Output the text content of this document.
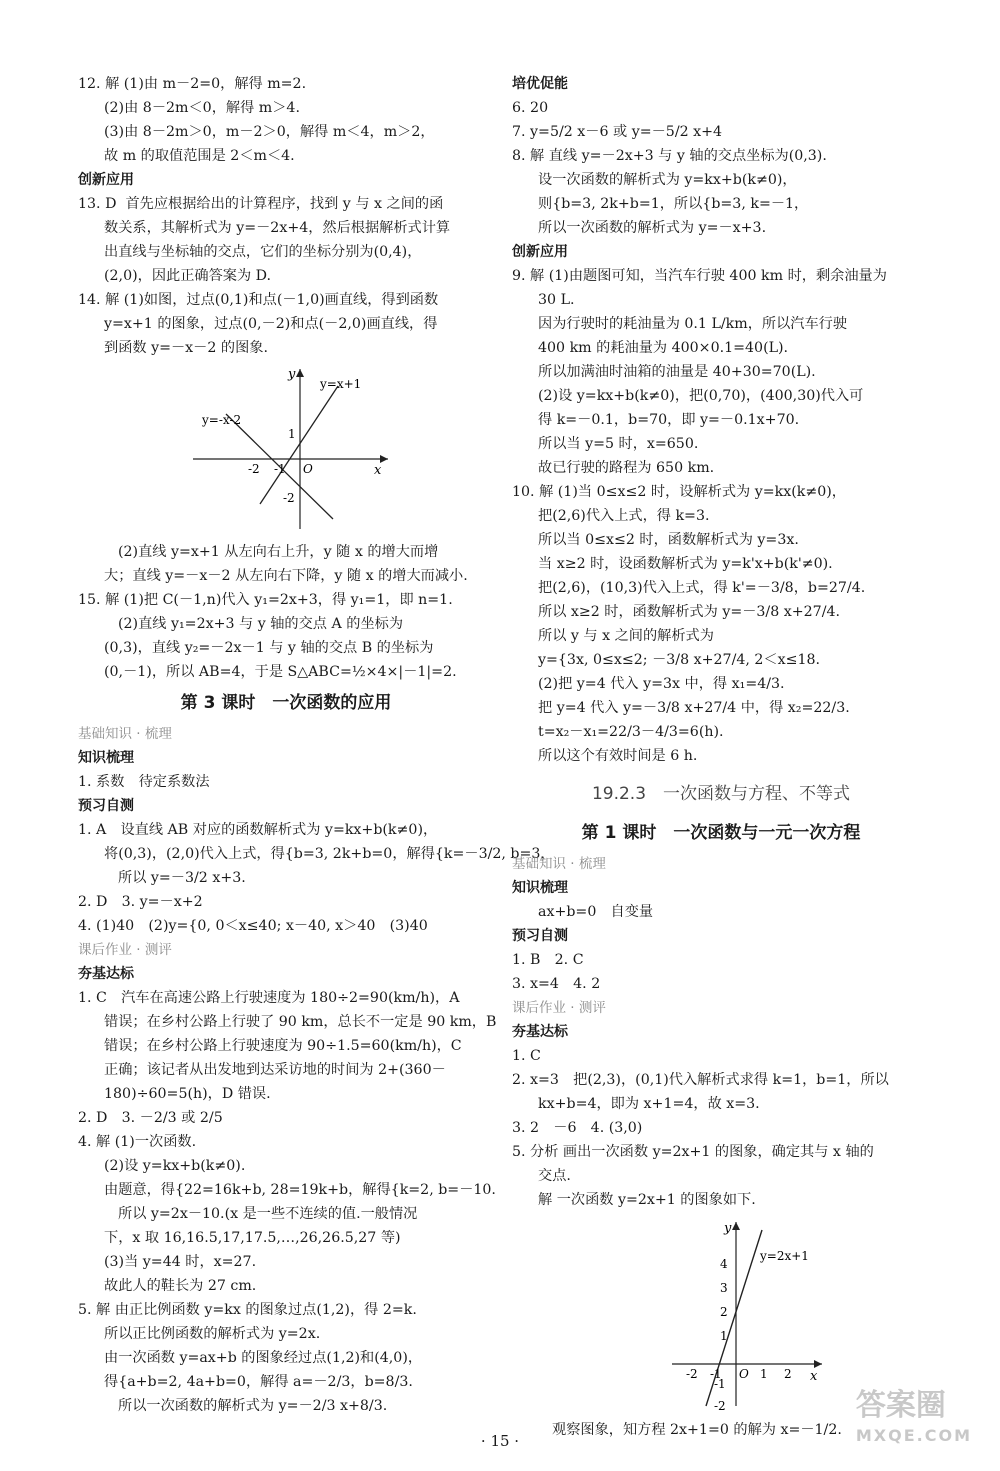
12. 解 (1)由 m－2=0，解得 m=2.
(2)由 8－2m＜0，解得 m＞4.
(3)由 8－2m＞0，m－2＞0，解得 m＜4，m＞2，
故 m 的取值范围是 2＜m＜4.
创新应用
13. D  首先应根据给出的计算程序，找到 y 与 x 之间的函
数关系，其解析式为 y=－2x+4，然后根据解析式计算
出直线与坐标轴的交点，它们的坐标分别为(0,4)，
(2,0)，因此正确答案为 D.
14. 解 (1)如图，过点(0,1)和点(－1,0)画直线，得到函数
y=x+1 的图象，过点(0,－2)和点(－2,0)画直线，得
到函数 y=－x－2 的图象.
y
x
y=x+1
y=-x-2
O
1
-2 -1
-2
(2)直线 y=x+1 从左向右上升，y 随 x 的增大而增
大；直线 y=－x－2 从左向右下降，y 随 x 的增大而减小.
15. 解 (1)把 C(－1,n)代入 y₁=2x+3，得 y₁=1，即 n=1.
(2)直线 y₁=2x+3 与 y 轴的交点 A 的坐标为
(0,3)，直线 y₂=－2x－1 与 y 轴的交点 B 的坐标为
(0,－1)，所以 AB=4，于是 S△ABC=½×4×|－1|=2.
第 3 课时　一次函数的应用
基础知识 · 梳理
知识梳理
1. 系数　待定系数法
预习自测
1. A　设直线 AB 对应的函数解析式为 y=kx+b(k≠0)，
将(0,3)，(2,0)代入上式，得{b=3, 2k+b=0，解得{k=－3/2, b=3，
所以 y=－3/2 x+3.
2. D　3. y=－x+2
4. (1)40　(2)y={0, 0＜x≤40; x－40, x＞40　(3)40
课后作业 · 测评
夯基达标
1. C　汽车在高速公路上行驶速度为 180÷2=90(km/h)，A
错误；在乡村公路上行驶了 90 km，总长不一定是 90 km，B
错误；在乡村公路上行驶速度为 90÷1.5=60(km/h)，C
正确；该记者从出发地到达采访地的时间为 2+(360－
180)÷60=5(h)，D 错误.
2. D　3. －2/3 或 2/5
4. 解 (1)一次函数.
(2)设 y=kx+b(k≠0).
由题意，得{22=16k+b, 28=19k+b，解得{k=2, b=－10.
所以 y=2x－10.(x 是一些不连续的值.一般情况
下，x 取 16,16.5,17,17.5,…,26,26.5,27 等)
(3)当 y=44 时，x=27.
故此人的鞋长为 27 cm.
5. 解 由正比例函数 y=kx 的图象过点(1,2)，得 2=k.
所以正比例函数的解析式为 y=2x.
由一次函数 y=ax+b 的图象经过点(1,2)和(4,0)，
得{a+b=2, 4a+b=0，解得 a=－2/3，b=8/3.
所以一次函数的解析式为 y=－2/3 x+8/3.
培优促能
6. 20
7. y=5/2 x－6 或 y=－5/2 x+4
8. 解 直线 y=－2x+3 与 y 轴的交点坐标为(0,3).
设一次函数的解析式为 y=kx+b(k≠0)，
则{b=3, 2k+b=1，所以{b=3, k=－1，
所以一次函数的解析式为 y=－x+3.
创新应用
9. 解 (1)由题图可知，当汽车行驶 400 km 时，剩余油量为
30 L.
因为行驶时的耗油量为 0.1 L/km，所以汽车行驶
400 km 的耗油量为 400×0.1=40(L).
所以加满油时油箱的油量是 40+30=70(L).
(2)设 y=kx+b(k≠0)，把(0,70)，(400,30)代入可
得 k=－0.1，b=70，即 y=－0.1x+70.
所以当 y=5 时，x=650.
故已行驶的路程为 650 km.
10. 解 (1)当 0≤x≤2 时，设解析式为 y=kx(k≠0)，
把(2,6)代入上式，得 k=3.
所以当 0≤x≤2 时，函数解析式为 y=3x.
当 x≥2 时，设函数解析式为 y=k'x+b(k'≠0).
把(2,6)，(10,3)代入上式，得 k'=－3/8，b=27/4.
所以 x≥2 时，函数解析式为 y=－3/8 x+27/4.
所以 y 与 x 之间的解析式为
y={3x, 0≤x≤2; －3/8 x+27/4, 2＜x≤18.
(2)把 y=4 代入 y=3x 中，得 x₁=4/3.
把 y=4 代入 y=－3/8 x+27/4 中，得 x₂=22/3.
t=x₂－x₁=22/3－4/3=6(h).
所以这个有效时间是 6 h.
19.2.3　一次函数与方程、不等式
第 1 课时　一次函数与一元一次方程
基础知识 · 梳理
知识梳理
ax+b=0　自变量
预习自测
1. B　2. C
3. x=4　4. 2
课后作业 · 测评
夯基达标
1. C
2. x=3　把(2,3)，(0,1)代入解析式求得 k=1，b=1，所以
kx+b=4，即为 x+1=4，故 x=3.
3. 2　－6　4. (3,0)
5. 分析 画出一次函数 y=2x+1 的图象，确定其与 x 轴的
交点.
解 一次函数 y=2x+1 的图象如下.
y
x
y=2x+1
O
4
3
2
1
-1
-2
-2 -1	1 2
观察图象，知方程 2x+1=0 的解为 x=－1/2.
· 15 ·
答案圈
MXQE.COM
